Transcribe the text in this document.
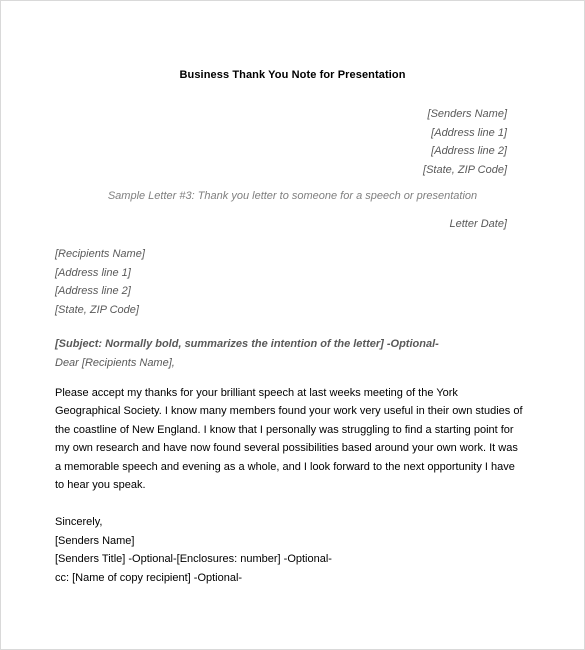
Business Thank You Note for Presentation
[Senders Name]
[Address line 1]
[Address line 2]
[State, ZIP Code]
Sample Letter #3: Thank you letter to someone for a speech or presentation
Letter Date]
[Recipients Name]
[Address line 1]
[Address line 2]
[State, ZIP Code]
[Subject: Normally bold, summarizes the intention of the letter] -Optional-
Dear [Recipients Name],
Please accept my thanks for your brilliant speech at last weeks meeting of the York
Geographical Society. I know many members found your work very useful in their own studies of
the coastline of New England. I know that I personally was struggling to find a starting point for
my own research and have now found several possibilities based around your own work. It was
a memorable speech and evening as a whole, and I look forward to the next opportunity I have
to hear you speak.
Sincerely,
[Senders Name]
[Senders Title] -Optional-[Enclosures: number] -Optional-
cc: [Name of copy recipient] -Optional-
